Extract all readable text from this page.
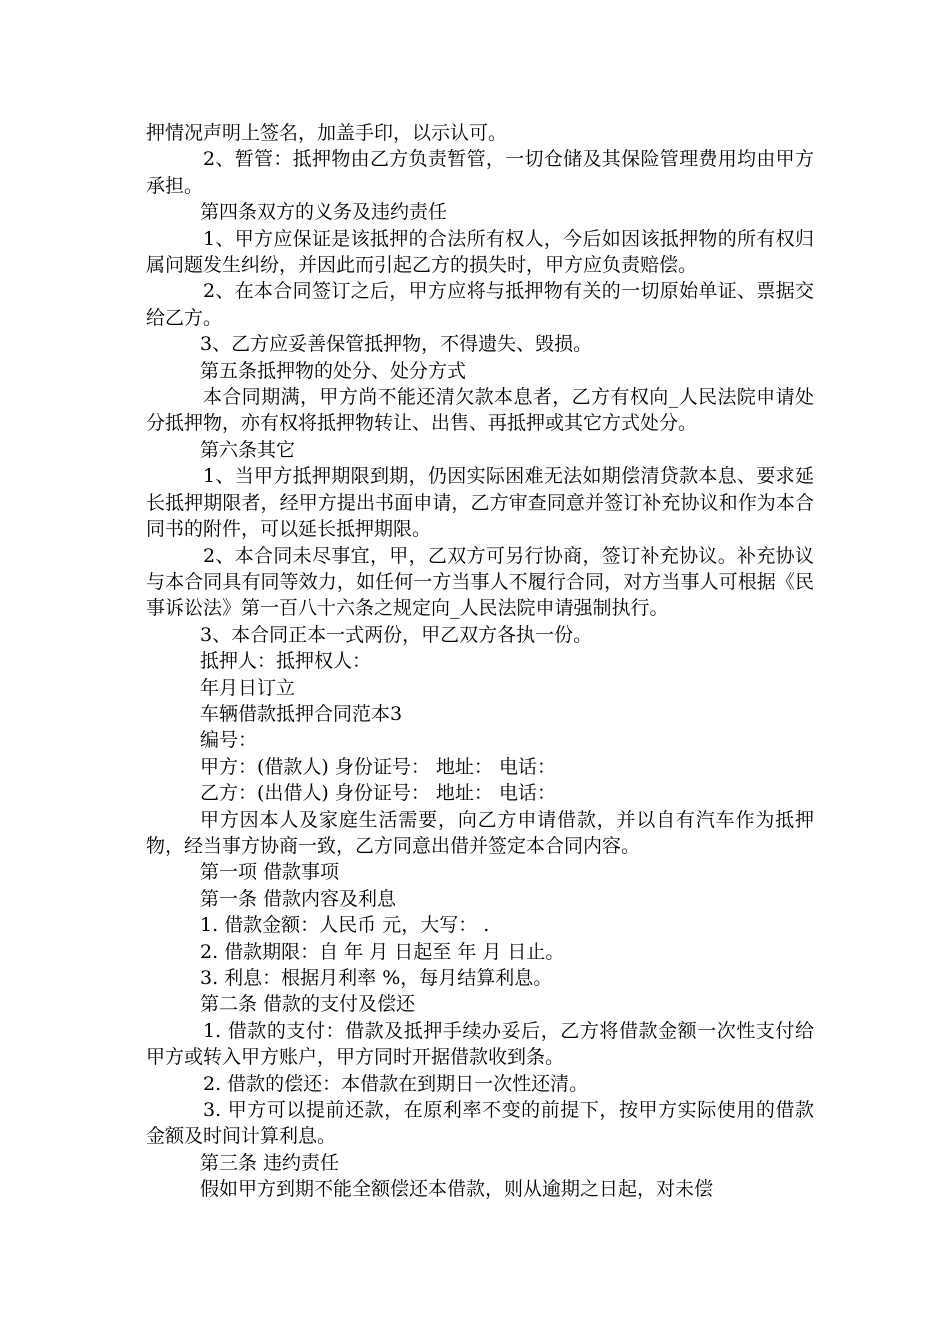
押情况声明上签名，加盖手印，以示认可。

2、暂管：抵押物由乙方负责暂管，一切仓储及其保险管理费用均由甲方承担。

第四条双方的义务及违约责任

1、甲方应保证是该抵押的合法所有权人，今后如因该抵押物的所有权归属问题发生纠纷，并因此而引起乙方的损失时，甲方应负责赔偿。

2、在本合同签订之后，甲方应将与抵押物有关的一切原始单证、票据交给乙方。

3、乙方应妥善保管抵押物，不得遗失、毁损。

第五条抵押物的处分、处分方式

本合同期满，甲方尚不能还清欠款本息者，乙方有权向_人民法院申请处分抵押物，亦有权将抵押物转让、出售、再抵押或其它方式处分。

第六条其它

1、当甲方抵押期限到期，仍因实际困难无法如期偿清贷款本息、要求延长抵押期限者，经甲方提出书面申请，乙方审查同意并签订补充协议和作为本合同书的附件，可以延长抵押期限。

2、本合同未尽事宜，甲，乙双方可另行协商，签订补充协议。补充协议与本合同具有同等效力，如任何一方当事人不履行合同，对方当事人可根据《民事诉讼法》第一百八十六条之规定向_人民法院申请强制执行。

3、本合同正本一式两份，甲乙双方各执一份。

抵押人：抵押权人：

年月日订立

车辆借款抵押合同范本3

编号：

甲方：(借款人) 身份证号： 地址： 电话：

乙方：(出借人) 身份证号： 地址： 电话：

甲方因本人及家庭生活需要，向乙方申请借款，并以自有汽车作为抵押物，经当事方协商一致，乙方同意出借并签定本合同内容。

第一项 借款事项

第一条 借款内容及利息

1. 借款金额：人民币 元，大写： .

2. 借款期限：自 年 月 日起至 年 月 日止。

3. 利息：根据月利率 %，每月结算利息。

第二条 借款的支付及偿还

1. 借款的支付：借款及抵押手续办妥后，乙方将借款金额一次性支付给甲方或转入甲方账户，甲方同时开据借款收到条。

2. 借款的偿还：本借款在到期日一次性还清。

3. 甲方可以提前还款，在原利率不变的前提下，按甲方实际使用的借款金额及时间计算利息。

第三条 违约责任

假如甲方到期不能全额偿还本借款，则从逾期之日起，对未偿
